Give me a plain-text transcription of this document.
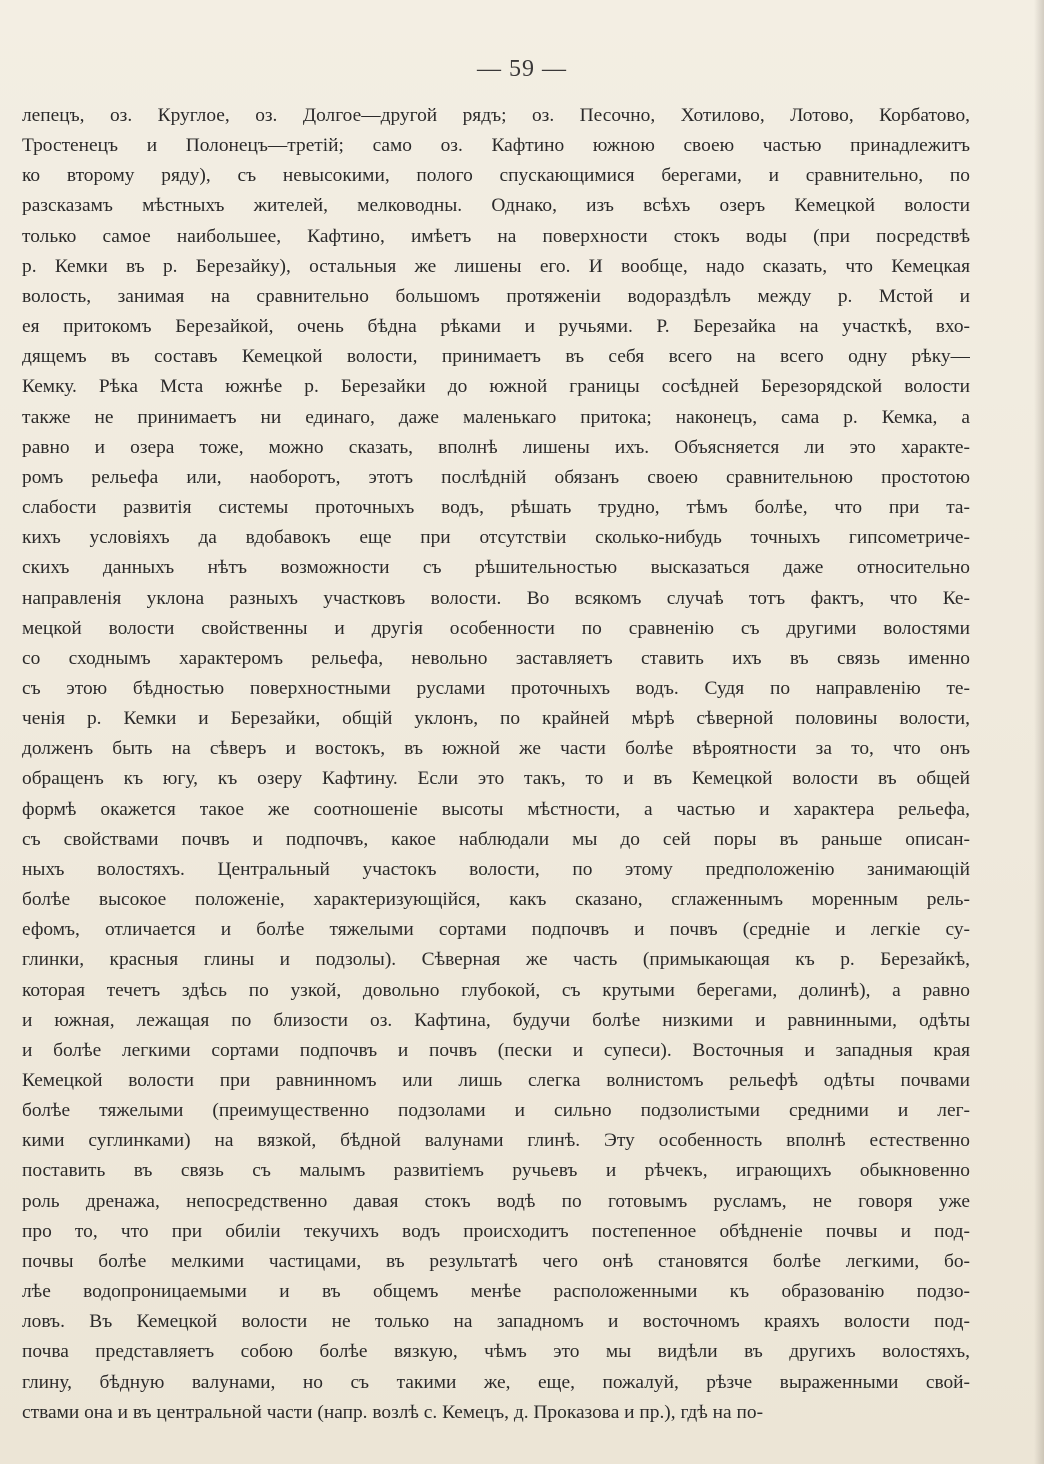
— 59 —
лепецъ, оз. Круглое, оз. Долгое—другой рядъ; оз. Песочно, Хотилово, Лотово, Корбатово,
Тростенецъ и Полонецъ—третій; само оз. Кафтино южною своею частью принадлежитъ
ко второму ряду), съ невысокими, полого спускающимися берегами, и сравнительно, по
разсказамъ мѣстныхъ жителей, мелководны. Однако, изъ всѣхъ озеръ Кемецкой волости
только самое наибольшее, Кафтино, имѣетъ на поверхности стокъ воды (при посредствѣ
р. Кемки въ р. Березайку), остальныя же лишены его. И вообще, надо сказать, что Кемецкая
волость, занимая на сравнительно большомъ протяженіи водораздѣлъ между р. Мстой и
ея притокомъ Березайкой, очень бѣдна рѣками и ручьями. Р. Березайка на участкѣ, вхо-
дящемъ въ составъ Кемецкой волости, принимаетъ въ себя всего на всего одну рѣку—
Кемку. Рѣка Мста южнѣе р. Березайки до южной границы сосѣдней Березорядской волости
также не принимаетъ ни единаго, даже маленькаго притока; наконецъ, сама р. Кемка, а
равно и озера тоже, можно сказать, вполнѣ лишены ихъ. Объясняется ли это характе-
ромъ рельефа или, наоборотъ, этотъ послѣдній обязанъ своею сравнительною простотою
слабости развитія системы проточныхъ водъ, рѣшать трудно, тѣмъ болѣе, что при та-
кихъ условіяхъ да вдобавокъ еще при отсутствіи сколько-нибудь точныхъ гипсометриче-
скихъ данныхъ нѣтъ возможности съ рѣшительностью высказаться даже относительно
направленія уклона разныхъ участковъ волости. Во всякомъ случаѣ тотъ фактъ, что Ке-
мецкой волости свойственны и другія особенности по сравненію съ другими волостями
со сходнымъ характеромъ рельефа, невольно заставляетъ ставить ихъ въ связь именно
съ этою бѣдностью поверхностными руслами проточныхъ водъ. Судя по направленію те-
ченія р. Кемки и Березайки, общій уклонъ, по крайней мѣрѣ сѣверной половины волости,
долженъ быть на сѣверъ и востокъ, въ южной же части болѣе вѣроятности за то, что онъ
обращенъ къ югу, къ озеру Кафтину. Если это такъ, то и въ Кемецкой волости въ общей
формѣ окажется такое же соотношеніе высоты мѣстности, а частью и характера рельефа,
съ свойствами почвъ и подпочвъ, какое наблюдали мы до сей поры въ раньше описан-
ныхъ волостяхъ. Центральный участокъ волости, по этому предположенію занимающій
болѣе высокое положеніе, характеризующійся, какъ сказано, сглаженнымъ моренным рель-
ефомъ, отличается и болѣе тяжелыми сортами подпочвъ и почвъ (средніе и легкіе су-
глинки, красныя глины и подзолы). Сѣверная же часть (примыкающая къ р. Березайкѣ,
которая течетъ здѣсь по узкой, довольно глубокой, съ крутыми берегами, долинѣ), а равно
и южная, лежащая по близости оз. Кафтина, будучи болѣе низкими и равнинными, одѣты
и болѣе легкими сортами подпочвъ и почвъ (пески и супеси). Восточныя и западныя края
Кемецкой волости при равнинномъ или лишь слегка волнистомъ рельефѣ одѣты почвами
болѣе тяжелыми (преимущественно подзолами и сильно подзолистыми средними и лег-
кими суглинками) на вязкой, бѣдной валунами глинѣ. Эту особенность вполнѣ естественно
поставить въ связь съ малымъ развитіемъ ручьевъ и рѣчекъ, играющихъ обыкновенно
роль дренажа, непосредственно давая стокъ водѣ по готовымъ русламъ, не говоря уже
про то, что при обиліи текучихъ водъ происходитъ постепенное обѣдненіе почвы и под-
почвы болѣе мелкими частицами, въ результатѣ чего онѣ становятся болѣе легкими, бо-
лѣе водопроницаемыми и въ общемъ менѣе расположенными къ образованію подзо-
ловъ. Въ Кемецкой волости не только на западномъ и восточномъ краяхъ волости под-
почва представляетъ собою болѣе вязкую, чѣмъ это мы видѣли въ другихъ волостяхъ,
глину, бѣдную валунами, но съ такими же, еще, пожалуй, рѣзче выраженными свой-
ствами она и въ центральной части (напр. возлѣ с. Кемецъ, д. Проказова и пр.), гдѣ на по-
